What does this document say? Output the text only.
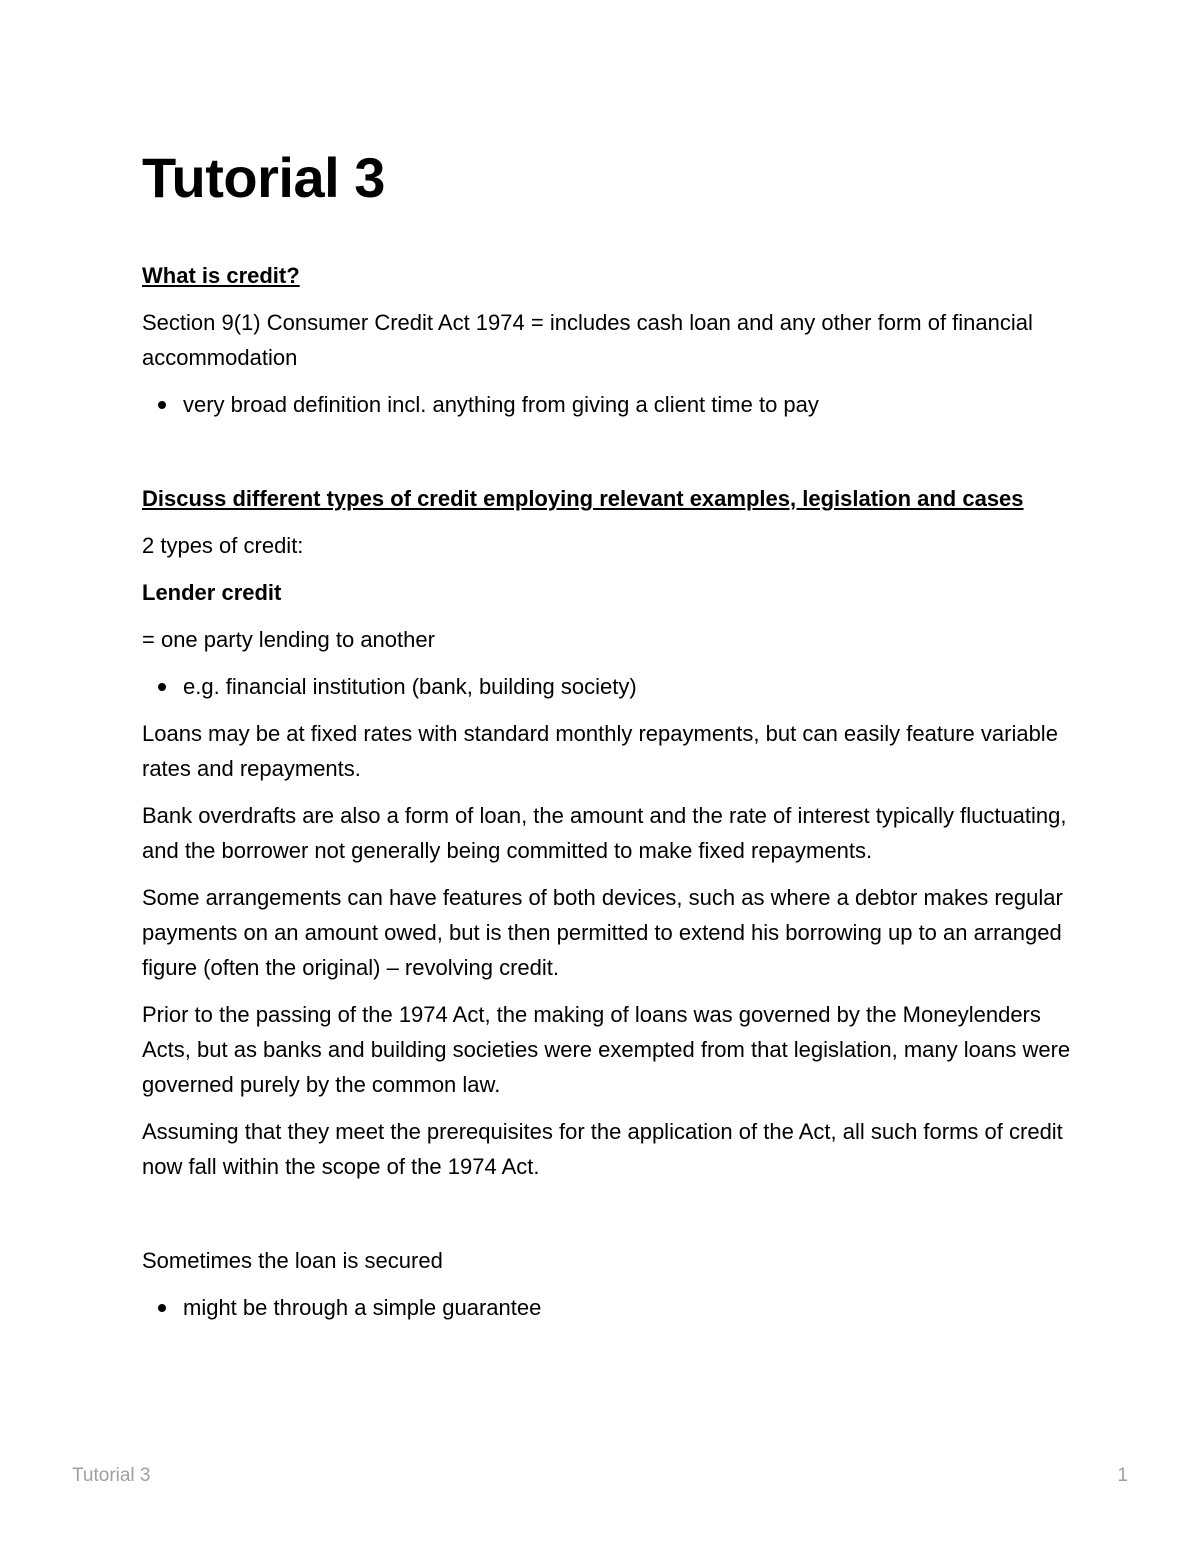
Tutorial 3
What is credit?

Section 9(1) Consumer Credit Act 1974 = includes cash loan and any other form of financial accommodation

very broad definition incl. anything from giving a client time to pay
Discuss different types of credit employing relevant examples, legislation and cases

2 types of credit:

Lender credit

= one party lending to another

e.g. financial institution (bank, building society)

Loans may be at fixed rates with standard monthly repayments, but can easily feature variable rates and repayments.

Bank overdrafts are also a form of loan, the amount and the rate of interest typically fluctuating, and the borrower not generally being committed to make fixed repayments.

Some arrangements can have features of both devices, such as where a debtor makes regular payments on an amount owed, but is then permitted to extend his borrowing up to an arranged figure (often the original) – revolving credit.

Prior to the passing of the 1974 Act, the making of loans was governed by the Moneylenders Acts, but as banks and building societies were exempted from that legislation, many loans were governed purely by the common law.

Assuming that they meet the prerequisites for the application of the Act, all such forms of credit now fall within the scope of the 1974 Act.

Sometimes the loan is secured

might be through a simple guarantee
Tutorial 3	1
